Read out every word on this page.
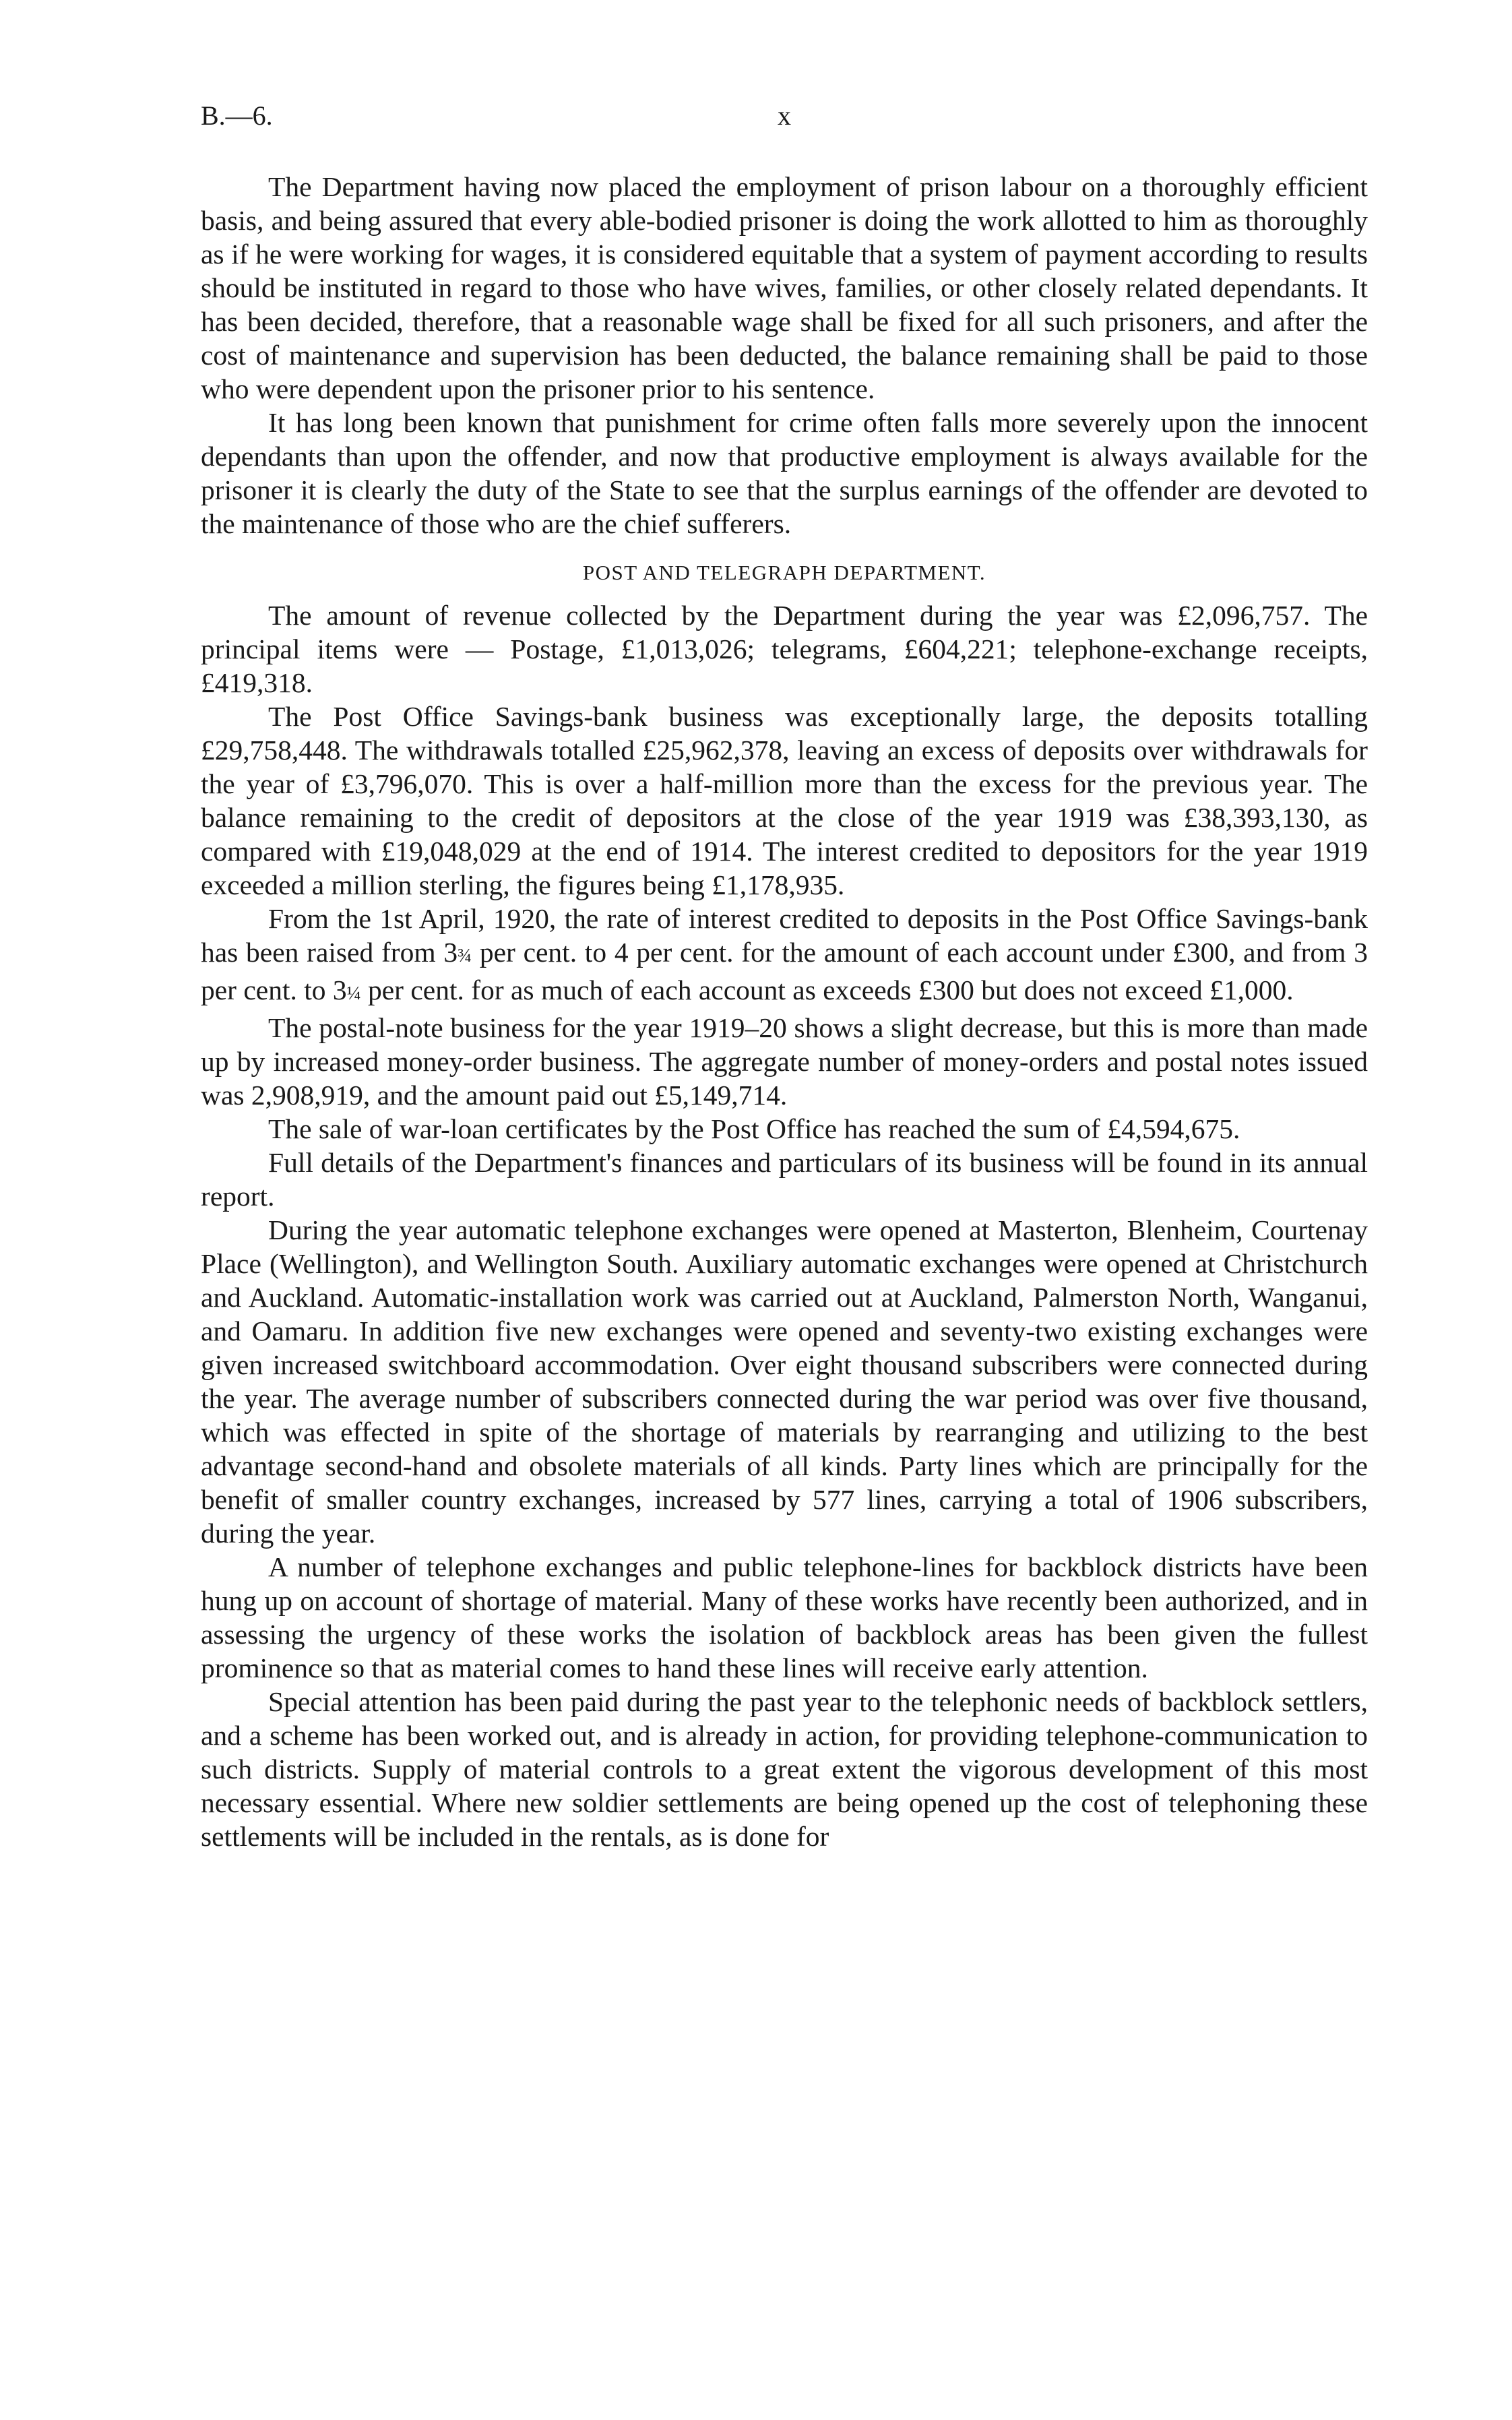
B.—6.	x

The Department having now placed the employment of prison labour on a thoroughly efficient basis, and being assured that every able-bodied prisoner is doing the work allotted to him as thoroughly as if he were working for wages, it is considered equitable that a system of payment according to results should be instituted in regard to those who have wives, families, or other closely related dependants. It has been decided, therefore, that a reasonable wage shall be fixed for all such prisoners, and after the cost of maintenance and supervision has been deducted, the balance remaining shall be paid to those who were dependent upon the prisoner prior to his sentence.

It has long been known that punishment for crime often falls more severely upon the innocent dependants than upon the offender, and now that productive employment is always available for the prisoner it is clearly the duty of the State to see that the surplus earnings of the offender are devoted to the maintenance of those who are the chief sufferers.

POST AND TELEGRAPH DEPARTMENT.

The amount of revenue collected by the Department during the year was £2,096,757. The principal items were — Postage, £1,013,026; telegrams, £604,221; telephone-exchange receipts, £419,318.

The Post Office Savings-bank business was exceptionally large, the deposits totalling £29,758,448. The withdrawals totalled £25,962,378, leaving an excess of deposits over withdrawals for the year of £3,796,070. This is over a half-million more than the excess for the previous year. The balance remaining to the credit of depositors at the close of the year 1919 was £38,393,130, as compared with £19,048,029 at the end of 1914. The interest credited to depositors for the year 1919 exceeded a million sterling, the figures being £1,178,935.

From the 1st April, 1920, the rate of interest credited to deposits in the Post Office Savings-bank has been raised from 3¾ per cent. to 4 per cent. for the amount of each account under £300, and from 3 per cent. to 3¼ per cent. for as much of each account as exceeds £300 but does not exceed £1,000.

The postal-note business for the year 1919–20 shows a slight decrease, but this is more than made up by increased money-order business. The aggregate number of money-orders and postal notes issued was 2,908,919, and the amount paid out £5,149,714.

The sale of war-loan certificates by the Post Office has reached the sum of £4,594,675.

Full details of the Department's finances and particulars of its business will be found in its annual report.

During the year automatic telephone exchanges were opened at Masterton, Blenheim, Courtenay Place (Wellington), and Wellington South. Auxiliary automatic exchanges were opened at Christchurch and Auckland. Automatic-installation work was carried out at Auckland, Palmerston North, Wanganui, and Oamaru. In addition five new exchanges were opened and seventy-two existing exchanges were given increased switchboard accommodation. Over eight thousand subscribers were connected during the year. The average number of subscribers connected during the war period was over five thousand, which was effected in spite of the shortage of materials by rearranging and utilizing to the best advantage second-hand and obsolete materials of all kinds. Party lines which are principally for the benefit of smaller country exchanges, increased by 577 lines, carrying a total of 1906 subscribers, during the year.

A number of telephone exchanges and public telephone-lines for backblock districts have been hung up on account of shortage of material. Many of these works have recently been authorized, and in assessing the urgency of these works the isolation of backblock areas has been given the fullest prominence so that as material comes to hand these lines will receive early attention.

Special attention has been paid during the past year to the telephonic needs of backblock settlers, and a scheme has been worked out, and is already in action, for providing telephone-communication to such districts. Supply of material controls to a great extent the vigorous development of this most necessary essential. Where new soldier settlements are being opened up the cost of telephoning these settlements will be included in the rentals, as is done for
